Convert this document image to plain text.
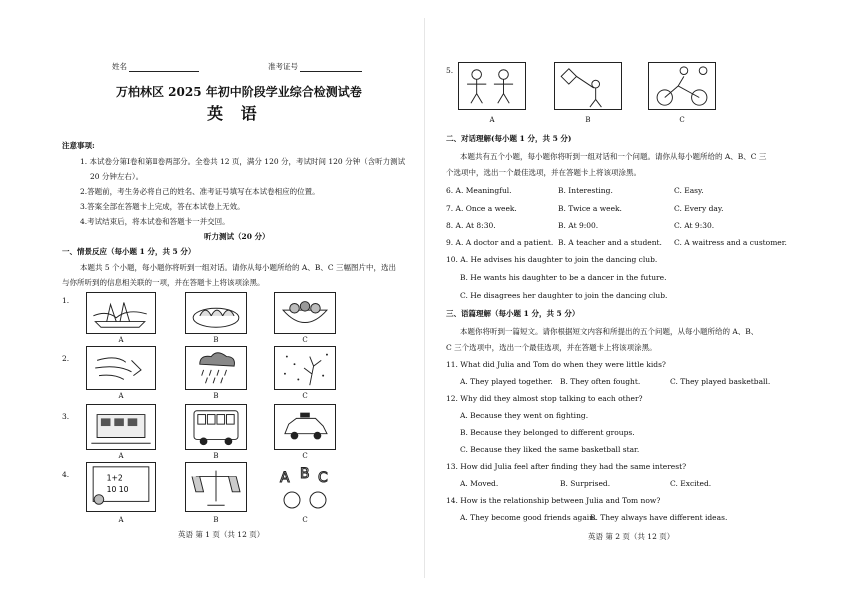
姓名	准考证号
万柏林区 2025 年初中阶段学业综合检测试卷
英 语
注意事项:
1. 本试卷分第Ⅰ卷和第Ⅱ卷两部分。全卷共 12 页，满分 120 分，考试时间 120 分钟（含听力测试
20 分钟左右）。
2.答题前，考生务必将自己的姓名、准考证号填写在本试卷相应的位置。
3.答案全部在答题卡上完成，答在本试卷上无效。
4.考试结束后，将本试卷和答题卡一并交回。
听力测试（20 分）
一、情景反应（每小题 1 分，共 5 分）
本题共 5 个小题，每小题你将听到一组对话。请你从每小题所给的 A、B、C 三幅图片中，选出
与你所听到的信息相关联的一项，并在答题卡上将该项涂黑。
1.
A	B	C
2.
A	B	C
3.
A	B	C
4.	1+2
10 10
A B C
A	B	C
英语 第 1 页（共 12 页）
5.
A	B	C
二、对话理解(每小题 1 分，共 5 分)
本题共有五个小题，每小题你将听到一组对话和一个问题。请你从每小题所给的 A、B、C 三
个选项中，选出一个最佳选项，并在答题卡上将该项涂黑。
6. A. Meaningful.	B. Interesting.	C. Easy.
7. A. Once a week.	B. Twice a week.	C. Every day.
8. A. At 8:30.	B. At 9:00.	C. At 9:30.
9. A. A doctor and a patient. B. A teacher and a student. C. A waitress and a customer.
10. A. He advises his daughter to join the dancing club.
B. He wants his daughter to be a dancer in the future.
C. He disagrees her daughter to join the dancing club.
三、语篇理解（每小题 1 分，共 5 分）
本题你将听到一篇短文。请你根据短文内容和所提出的五个问题，从每小题所给的 A、B、
C 三个选项中，选出一个最佳选项，并在答题卡上将该项涂黑。
11. What did Julia and Tom do when they were little kids?
A. They played together. B. They often fought.	C. They played basketball.
12. Why did they almost stop talking to each other?
A. Because they went on fighting.
B. Because they belonged to different groups.
C. Because they liked the same basketball star.
13. How did Julia feel after finding they had the same interest?
A. Moved.	B. Surprised.	C. Excited.
14. How is the relationship between Julia and Tom now?
A. They become good friends again.
B. They always have different ideas.
英语 第 2 页（共 12 页）
